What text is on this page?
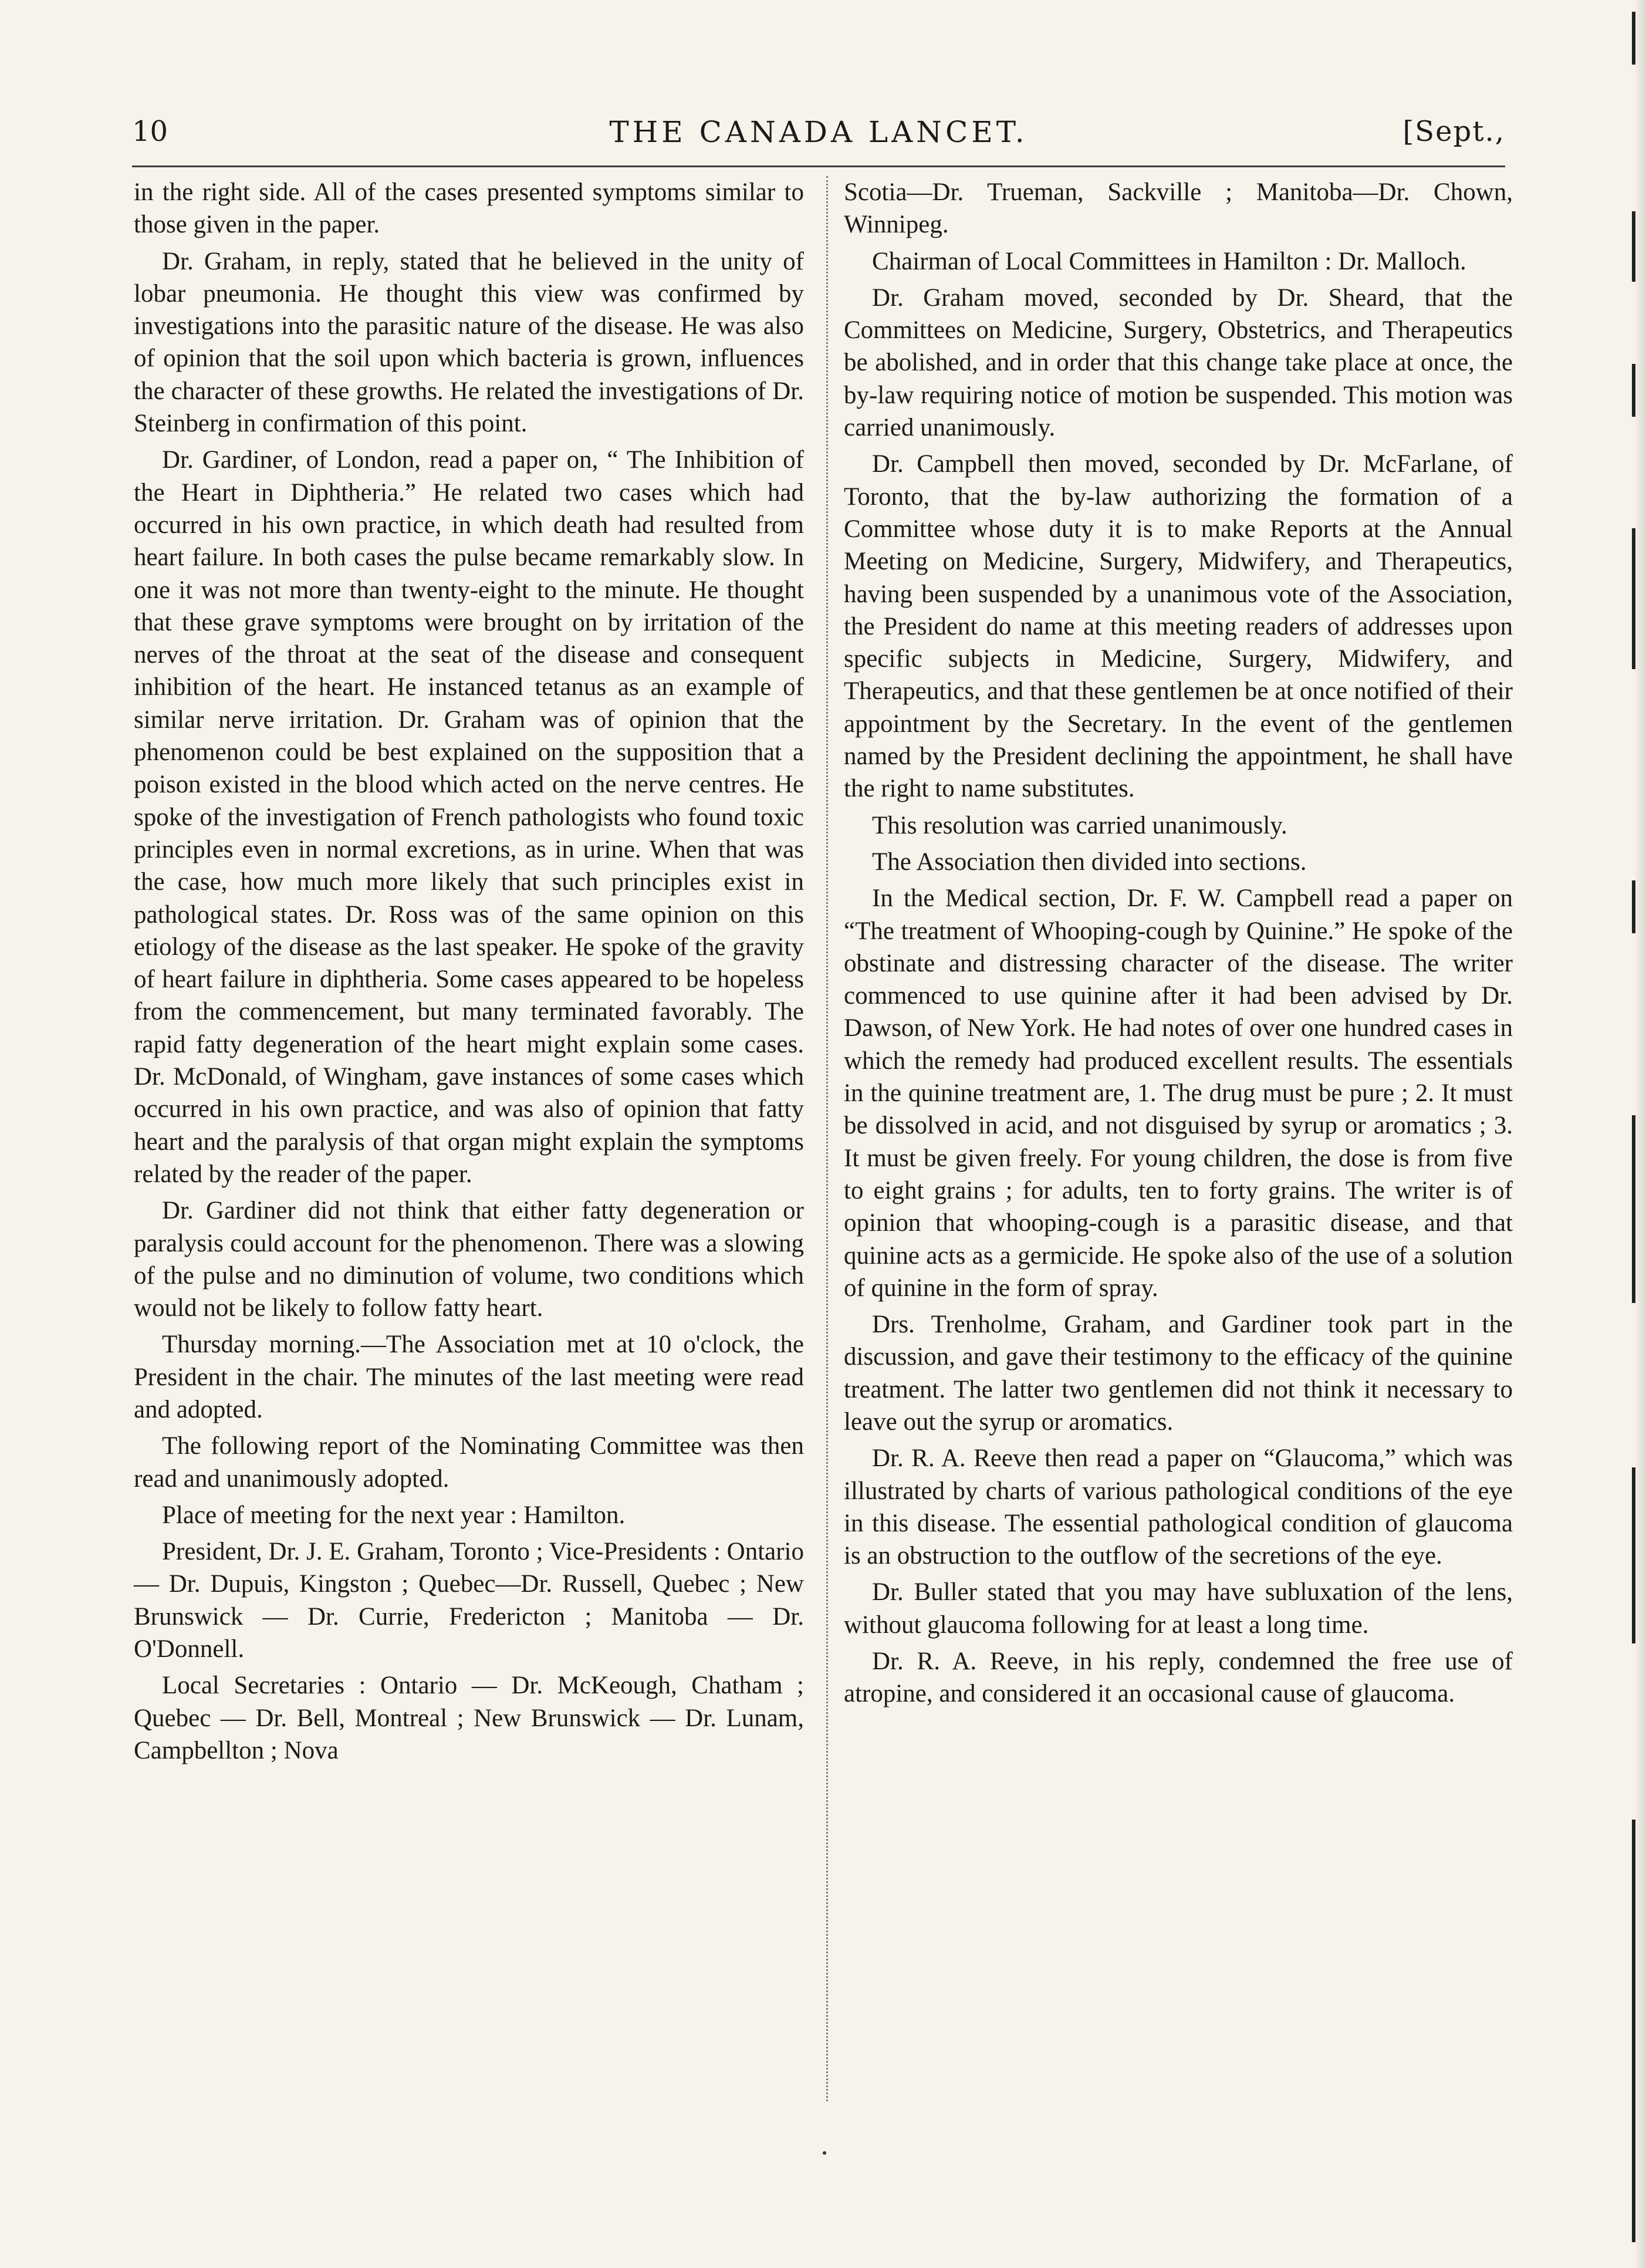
10	THE CANADA LANCET.	[Sept.,

in the right side. All of the cases presented symptoms similar to those given in the paper.

Dr. Graham, in reply, stated that he believed in the unity of lobar pneumonia. He thought this view was confirmed by investigations into the parasitic nature of the disease. He was also of opinion that the soil upon which bacteria is grown, influences the character of these growths. He related the investigations of Dr. Steinberg in confirmation of this point.

Dr. Gardiner, of London, read a paper on, “ The Inhibition of the Heart in Diphtheria.” He related two cases which had occurred in his own practice, in which death had resulted from heart failure. In both cases the pulse became remarkably slow. In one it was not more than twenty-eight to the minute. He thought that these grave symptoms were brought on by irritation of the nerves of the throat at the seat of the disease and consequent inhibition of the heart. He instanced tetanus as an example of similar nerve irritation. Dr. Graham was of opinion that the phenomenon could be best explained on the supposition that a poison existed in the blood which acted on the nerve centres. He spoke of the investigation of French pathologists who found toxic principles even in normal excretions, as in urine. When that was the case, how much more likely that such principles exist in pathological states. Dr. Ross was of the same opinion on this etiology of the disease as the last speaker. He spoke of the gravity of heart failure in diphtheria. Some cases appeared to be hopeless from the commencement, but many terminated favorably. The rapid fatty degeneration of the heart might explain some cases. Dr. McDonald, of Wingham, gave instances of some cases which occurred in his own practice, and was also of opinion that fatty heart and the paralysis of that organ might explain the symptoms related by the reader of the paper.

Dr. Gardiner did not think that either fatty degeneration or paralysis could account for the phenomenon. There was a slowing of the pulse and no diminution of volume, two conditions which would not be likely to follow fatty heart.

Thursday morning.—The Association met at 10 o'clock, the President in the chair. The minutes of the last meeting were read and adopted.

The following report of the Nominating Committee was then read and unanimously adopted.

Place of meeting for the next year : Hamilton.

President, Dr. J. E. Graham, Toronto ; Vice-Presidents : Ontario — Dr. Dupuis, Kingston ; Quebec—Dr. Russell, Quebec ; New Brunswick — Dr. Currie, Fredericton ; Manitoba — Dr. O'Donnell.

Local Secretaries : Ontario — Dr. McKeough, Chatham ; Quebec — Dr. Bell, Montreal ; New Brunswick — Dr. Lunam, Campbellton ; Nova

Scotia—Dr. Trueman, Sackville ; Manitoba—Dr. Chown, Winnipeg.

Chairman of Local Committees in Hamilton : Dr. Malloch.

Dr. Graham moved, seconded by Dr. Sheard, that the Committees on Medicine, Surgery, Obstetrics, and Therapeutics be abolished, and in order that this change take place at once, the by-law requiring notice of motion be suspended. This motion was carried unanimously.

Dr. Campbell then moved, seconded by Dr. McFarlane, of Toronto, that the by-law authorizing the formation of a Committee whose duty it is to make Reports at the Annual Meeting on Medicine, Surgery, Midwifery, and Therapeutics, having been suspended by a unanimous vote of the Association, the President do name at this meeting readers of addresses upon specific subjects in Medicine, Surgery, Midwifery, and Therapeutics, and that these gentlemen be at once notified of their appointment by the Secretary. In the event of the gentlemen named by the President declining the appointment, he shall have the right to name substitutes.

This resolution was carried unanimously.

The Association then divided into sections.

In the Medical section, Dr. F. W. Campbell read a paper on “The treatment of Whooping-cough by Quinine.” He spoke of the obstinate and distressing character of the disease. The writer commenced to use quinine after it had been advised by Dr. Dawson, of New York. He had notes of over one hundred cases in which the remedy had produced excellent results. The essentials in the quinine treatment are, 1. The drug must be pure ; 2. It must be dissolved in acid, and not disguised by syrup or aromatics ; 3. It must be given freely. For young children, the dose is from five to eight grains ; for adults, ten to forty grains. The writer is of opinion that whooping-cough is a parasitic disease, and that quinine acts as a germicide. He spoke also of the use of a solution of quinine in the form of spray.

Drs. Trenholme, Graham, and Gardiner took part in the discussion, and gave their testimony to the efficacy of the quinine treatment. The latter two gentlemen did not think it necessary to leave out the syrup or aromatics.

Dr. R. A. Reeve then read a paper on “Glaucoma,” which was illustrated by charts of various pathological conditions of the eye in this disease. The essential pathological condition of glaucoma is an obstruction to the outflow of the secretions of the eye.

Dr. Buller stated that you may have subluxation of the lens, without glaucoma following for at least a long time.

Dr. R. A. Reeve, in his reply, condemned the free use of atropine, and considered it an occasional cause of glaucoma.
